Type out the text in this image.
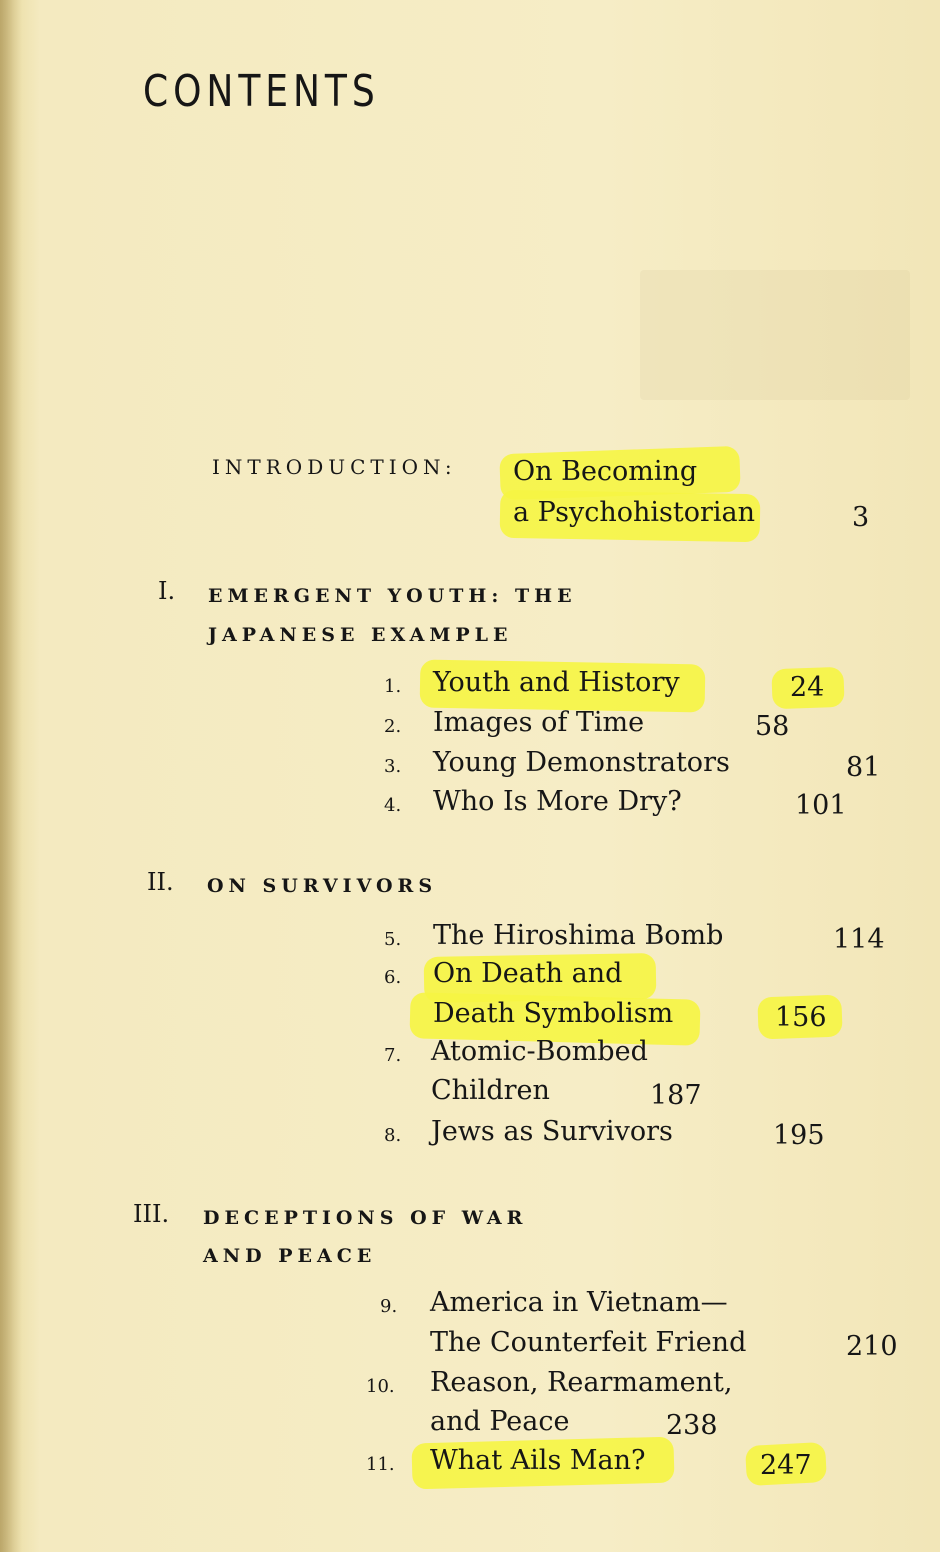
CONTENTS
INTRODUCTION: On Becoming
a Psychohistorian	3
I. EMERGENT YOUTH: THE
JAPANESE EXAMPLE
1. Youth and History	24
2. Images of Time	58
3. Young Demonstrators	81
4. Who Is More Dry?	101
II. ON SURVIVORS
5. The Hiroshima Bomb	114
6. On Death and
Death Symbolism	156
7. Atomic-Bombed
Children	187
8. Jews as Survivors	195
III. DECEPTIONS OF WAR
AND PEACE
9. America in Vietnam—
The Counterfeit Friend	210
10. Reason, Rearmament,
and Peace	238
11. What Ails Man?	247
